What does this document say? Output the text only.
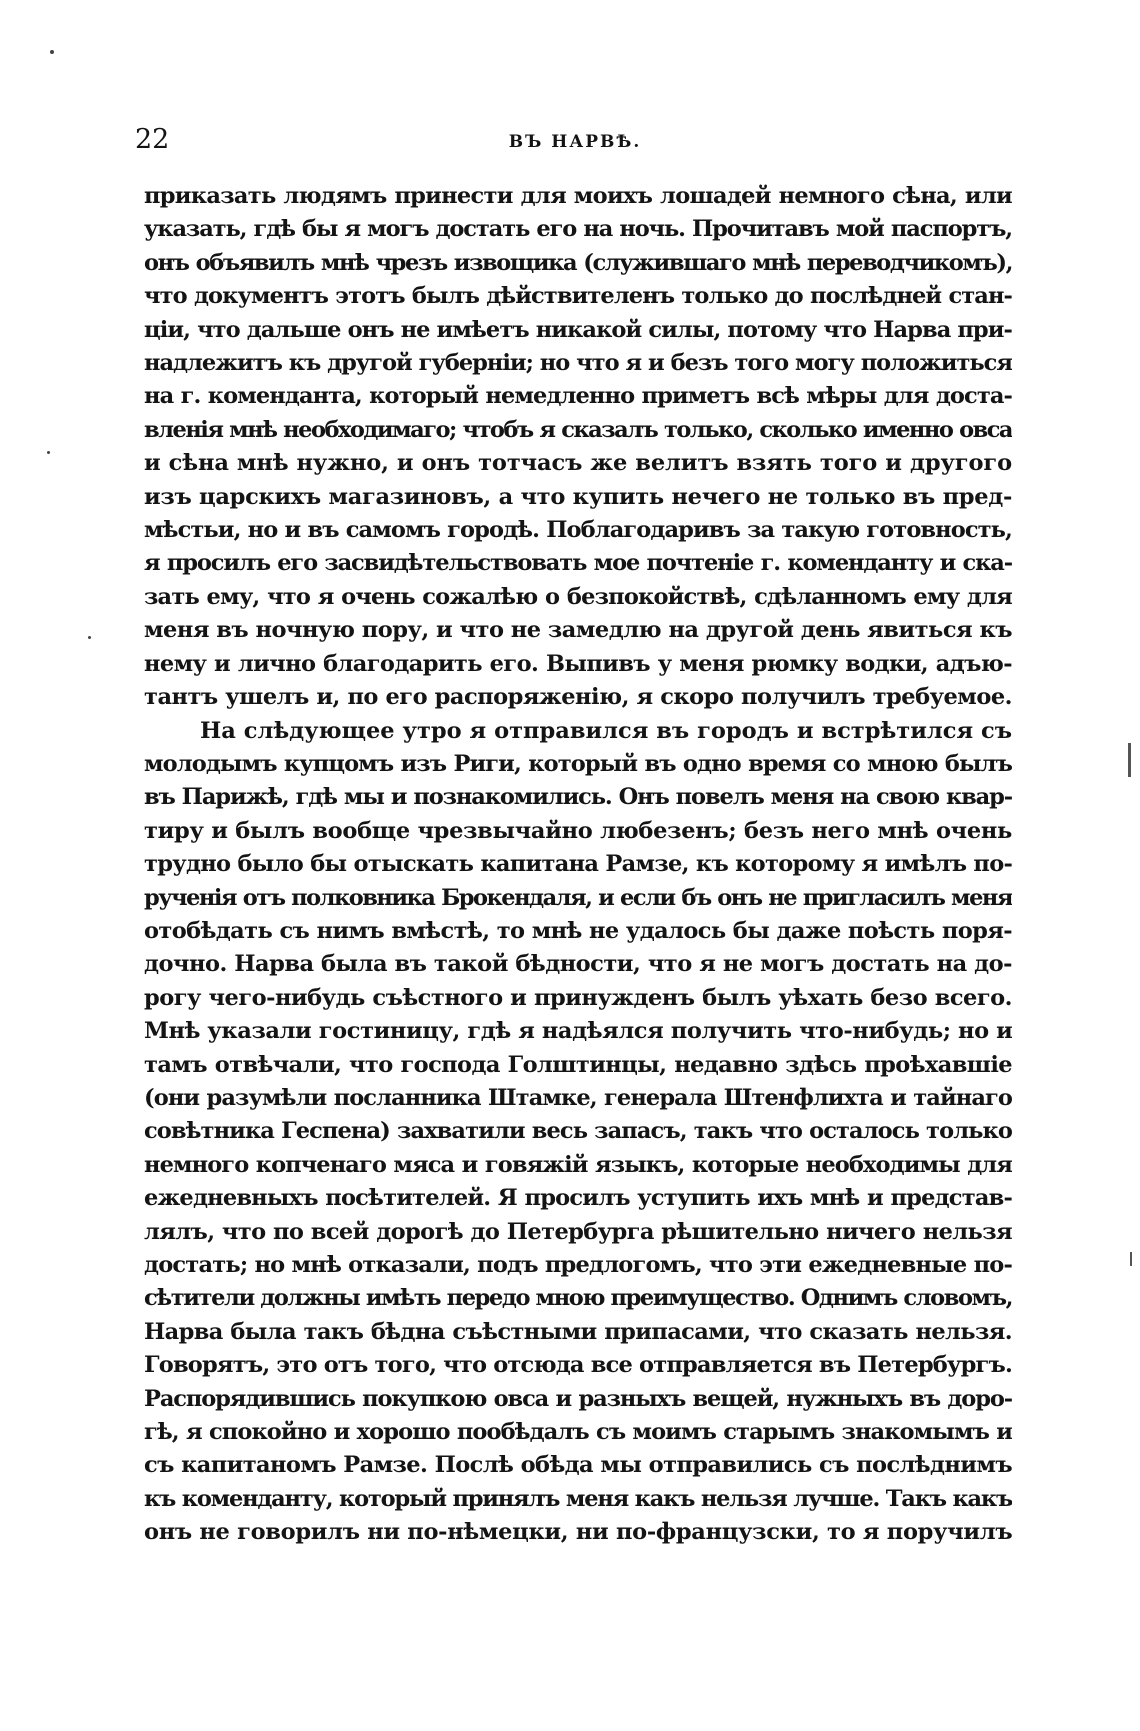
22	ВЪ НАРВѢ.

приказать людямъ принести для моихъ лошадей немного сѣна, или

указать, гдѣ бы я могъ достать его на ночь. Прочитавъ мой паспортъ,

онъ объявилъ мнѣ чрезъ извощика (служившаго мнѣ переводчикомъ),

что документъ этотъ былъ дѣйствителенъ только до послѣдней стан-

ціи, что дальше онъ не имѣетъ никакой силы, потому что Нарва при-

надлежитъ къ другой губерніи; но что я и безъ того могу положиться

на г. коменданта, который немедленно приметъ всѣ мѣры для доста-

вленія мнѣ необходимаго; чтобъ я сказалъ только, сколько именно овса

и сѣна мнѣ нужно, и онъ тотчасъ же велитъ взять того и другого

изъ царскихъ магазиновъ, а что купить нечего не только въ пред-

мѣстьи, но и въ самомъ городѣ. Поблагодаривъ за такую готовность,

я просилъ его засвидѣтельствовать мое почтеніе г. коменданту и ска-

зать ему, что я очень сожалѣю о безпокойствѣ, сдѣланномъ ему для

меня въ ночную пору, и что не замедлю на другой день явиться къ

нему и лично благодарить его. Выпивъ у меня рюмку водки, адъю-

тантъ ушелъ и, по его распоряженію, я скоро получилъ требуемое.

На слѣдующее утро я отправился въ городъ и встрѣтился съ

молодымъ купцомъ изъ Риги, который въ одно время со мною былъ

въ Парижѣ, гдѣ мы и познакомились. Онъ повелъ меня на свою квар-

тиру и былъ вообще чрезвычайно любезенъ; безъ него мнѣ очень

трудно было бы отыскать капитана Рамзе, къ которому я имѣлъ по-

рученія отъ полковника Брокендаля, и если бъ онъ не пригласилъ меня

отобѣдать съ нимъ вмѣстѣ, то мнѣ не удалось бы даже поѣсть поря-

дочно. Нарва была въ такой бѣдности, что я не могъ достать на до-

рогу чего-нибудь съѣстного и принужденъ былъ уѣхать безо всего.

Мнѣ указали гостиницу, гдѣ я надѣялся получить что-нибудь; но и

тамъ отвѣчали, что господа Голштинцы, недавно здѣсь проѣхавшіе

(они разумѣли посланника Штамке, генерала Штенфлихта и тайнаго

совѣтника Геспена) захватили весь запасъ, такъ что осталось только

немного копченаго мяса и говяжій языкъ, которые необходимы для

ежедневныхъ посѣтителей. Я просилъ уступить ихъ мнѣ и представ-

лялъ, что по всей дорогѣ до Петербурга рѣшительно ничего нельзя

достать; но мнѣ отказали, подъ предлогомъ, что эти ежедневные по-

сѣтители должны имѣть передо мною преимущество. Однимъ словомъ,

Нарва была такъ бѣдна съѣстными припасами, что сказать нельзя.

Говорятъ, это отъ того, что отсюда все отправляется въ Петербургъ.

Распорядившись покупкою овса и разныхъ вещей, нужныхъ въ доро-

гѣ, я спокойно и хорошо пообѣдалъ съ моимъ старымъ знакомымъ и

съ капитаномъ Рамзе. Послѣ обѣда мы отправились съ послѣднимъ

къ коменданту, который принялъ меня какъ нельзя лучше. Такъ какъ

онъ не говорилъ ни по-нѣмецки, ни по-французски, то я поручилъ
